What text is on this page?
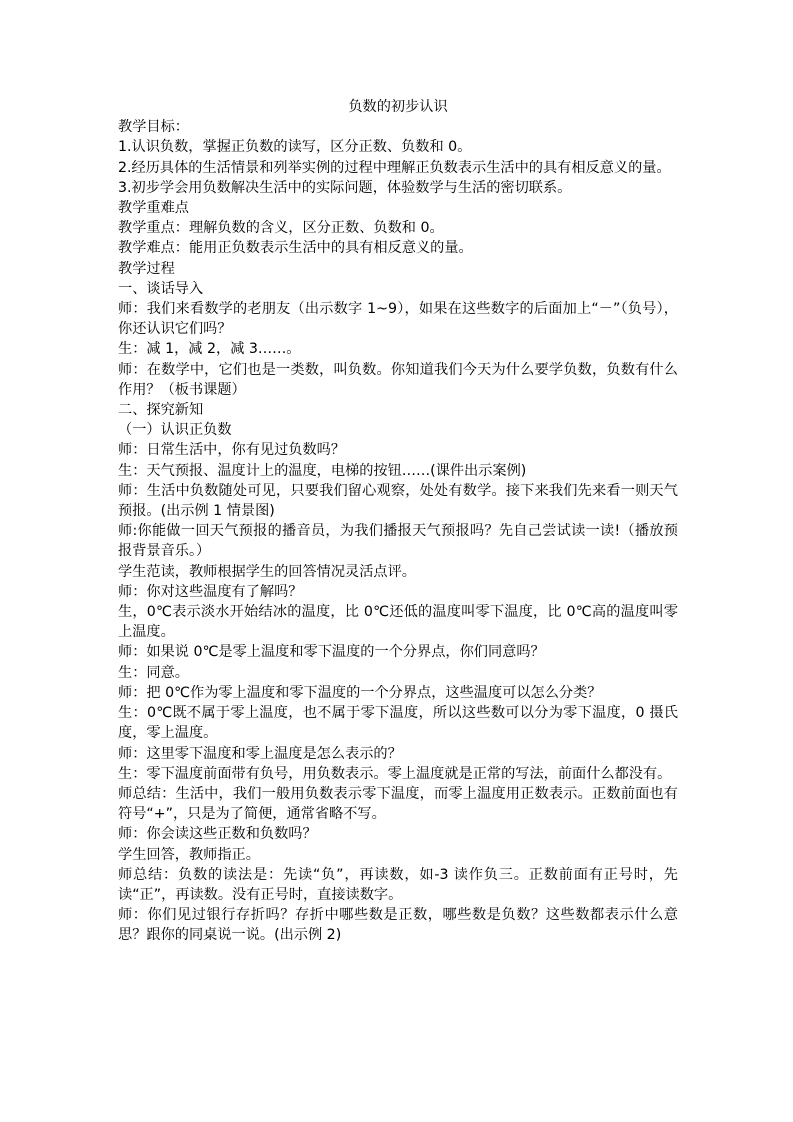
负数的初步认识

教学目标：

1.认识负数，掌握正负数的读写，区分正数、负数和 0。

2.经历具体的生活情景和列举实例的过程中理解正负数表示生活中的具有相反意义的量。

3.初步学会用负数解决生活中的实际问题，体验数学与生活的密切联系。

教学重难点

教学重点：理解负数的含义，区分正数、负数和 0。

教学难点：能用正负数表示生活中的具有相反意义的量。

教学过程

一、谈话导入

师：我们来看数学的老朋友（出示数字 1~9），如果在这些数字的后面加上“－”（负号），你还认识它们吗？

生：减 1，减 2，减 3……。

师：在数学中，它们也是一类数，叫负数。你知道我们今天为什么要学负数，负数有什么作用？（板书课题）

二、探究新知

（一）认识正负数

师：日常生活中，你有见过负数吗？

生：天气预报、温度计上的温度，电梯的按钮……(课件出示案例)

师：生活中负数随处可见，只要我们留心观察，处处有数学。接下来我们先来看一则天气预报。(出示例 1 情景图)

师:你能做一回天气预报的播音员，为我们播报天气预报吗？先自己尝试读一读!（播放预报背景音乐。）

学生范读，教师根据学生的回答情况灵活点评。

师：你对这些温度有了解吗？

生，0℃表示淡水开始结冰的温度，比 0℃还低的温度叫零下温度，比 0℃高的温度叫零上温度。

师：如果说 0℃是零上温度和零下温度的一个分界点，你们同意吗？

生：同意。

师：把 0℃作为零上温度和零下温度的一个分界点，这些温度可以怎么分类？

生：0℃既不属于零上温度，也不属于零下温度，所以这些数可以分为零下温度，0 摄氏度，零上温度。

师：这里零下温度和零上温度是怎么表示的？

生：零下温度前面带有负号，用负数表示。零上温度就是正常的写法，前面什么都没有。

师总结：生活中，我们一般用负数表示零下温度，而零上温度用正数表示。正数前面也有符号“+”，只是为了简便，通常省略不写。

师：你会读这些正数和负数吗？

学生回答，教师指正。

师总结：负数的读法是：先读“负”，再读数，如-3 读作负三。正数前面有正号时，先读“正”，再读数。没有正号时，直接读数字。

师：你们见过银行存折吗？存折中哪些数是正数，哪些数是负数？这些数都表示什么意思？跟你的同桌说一说。(出示例 2)
